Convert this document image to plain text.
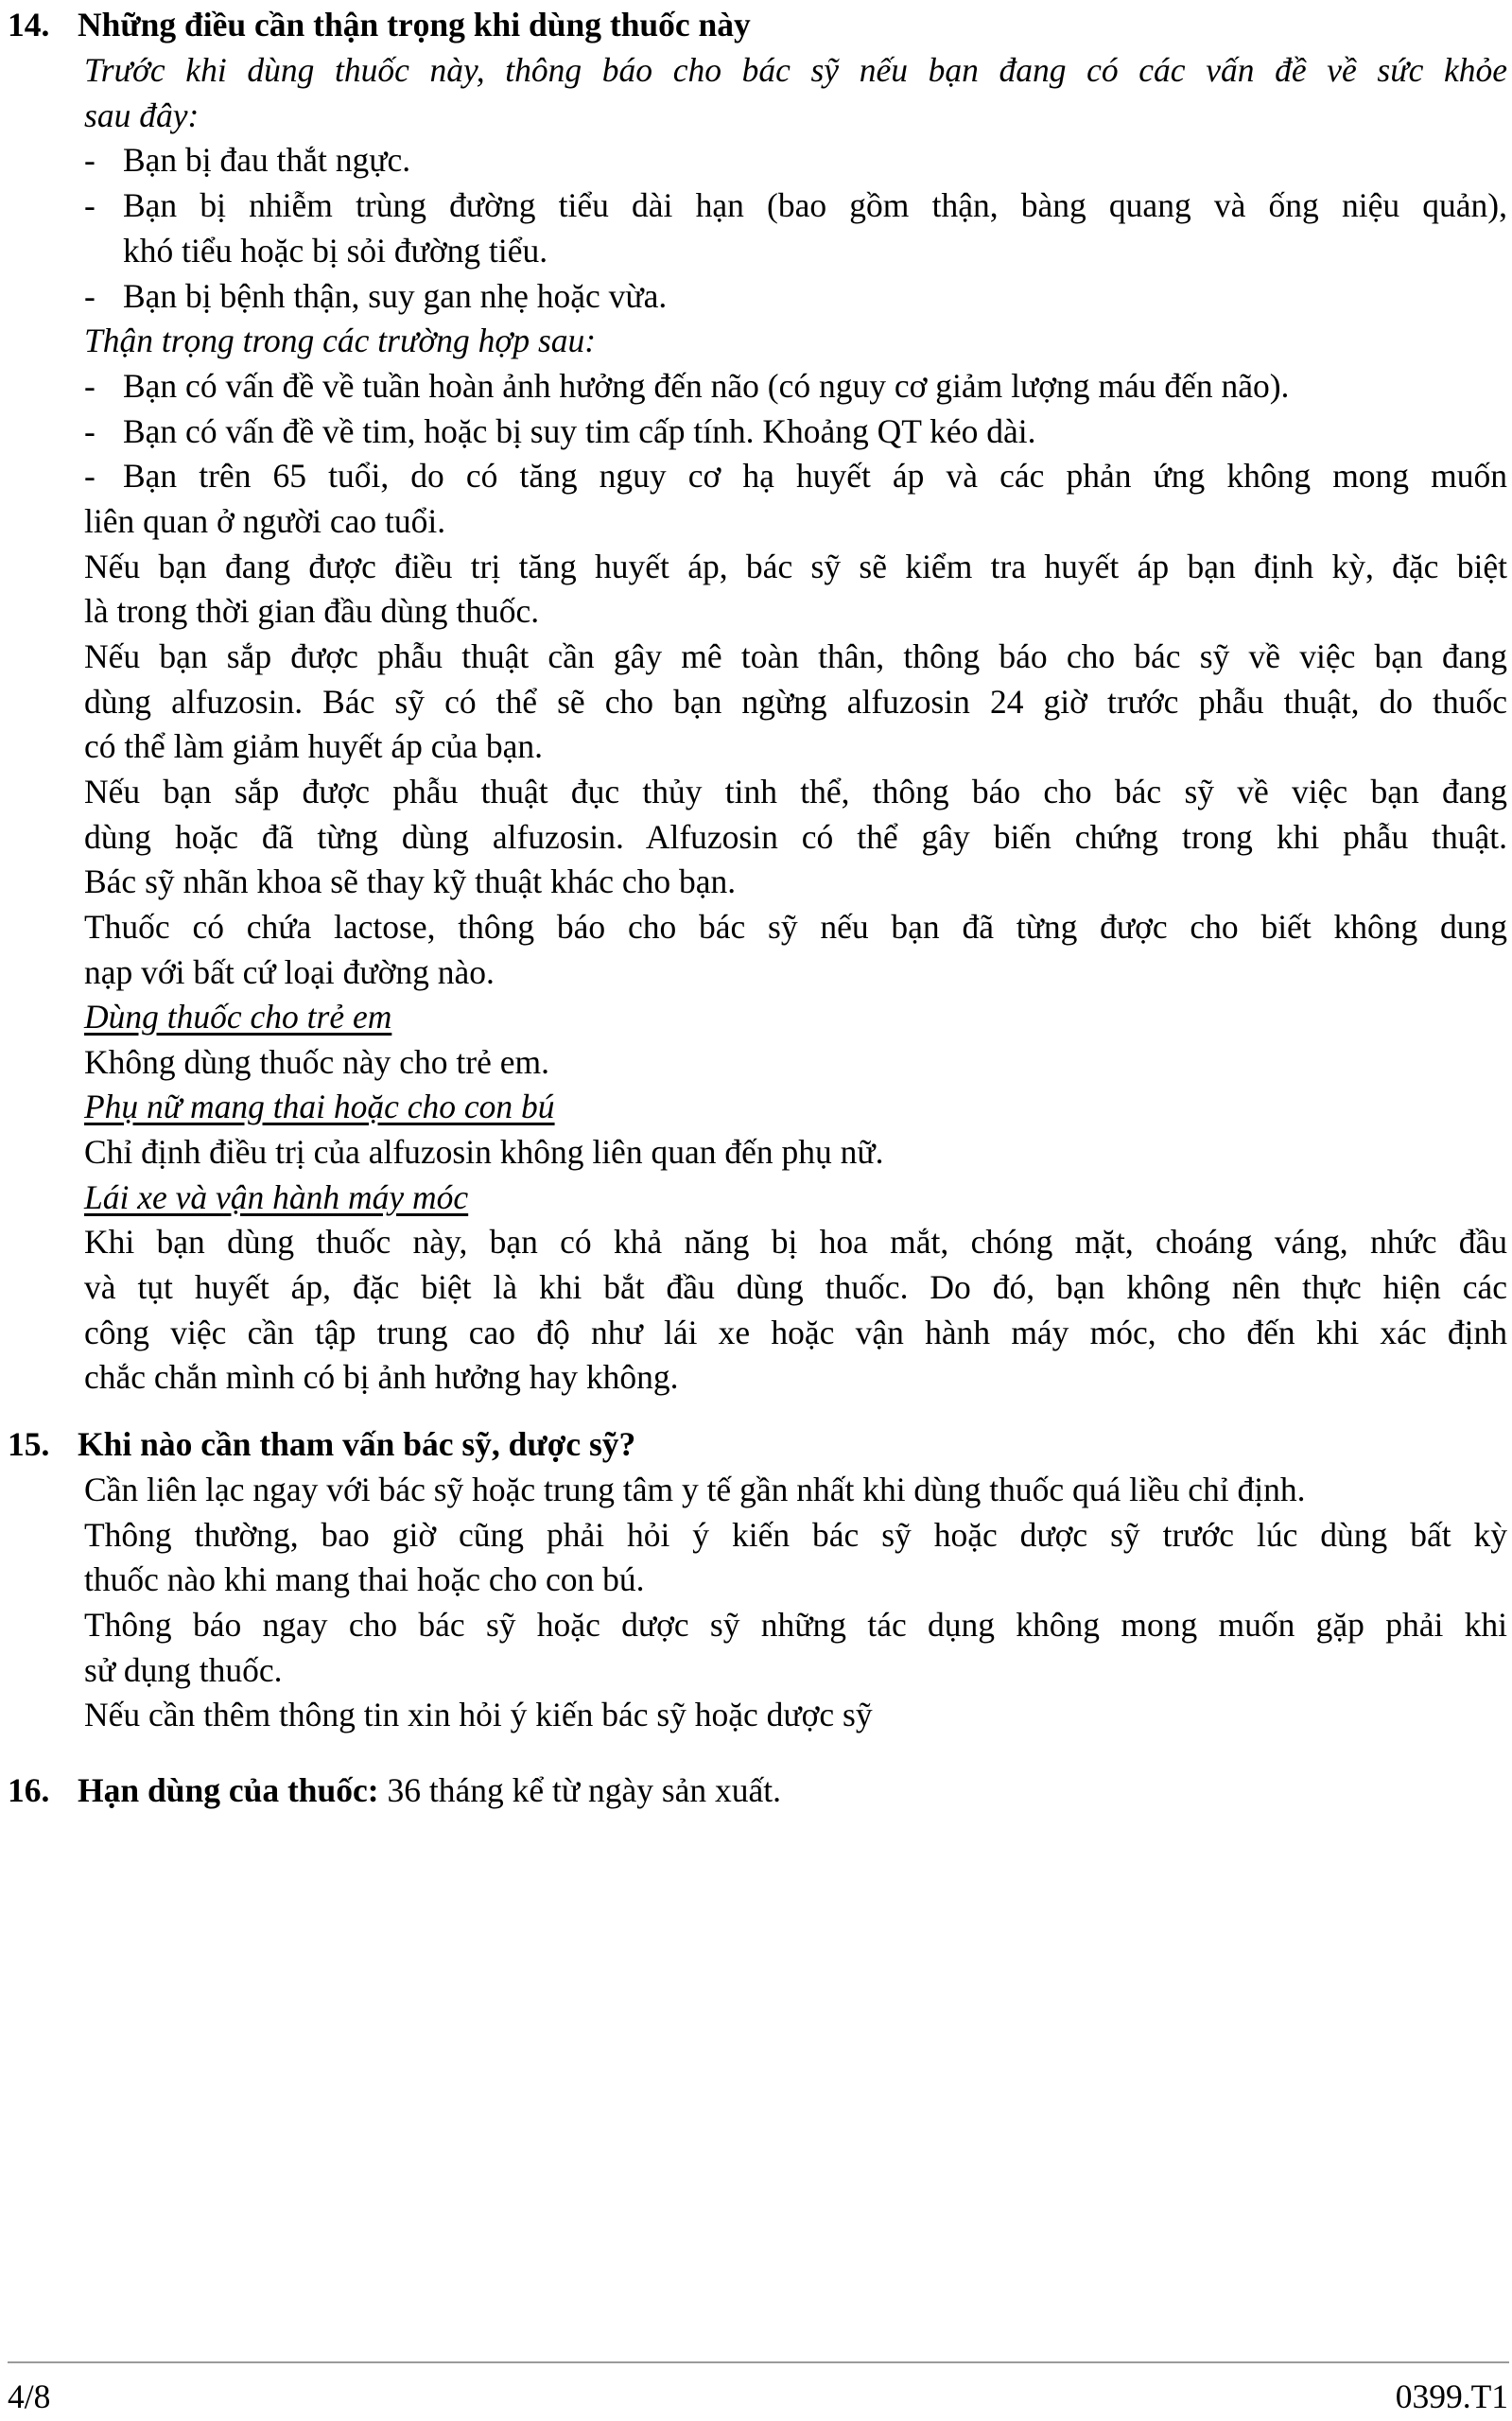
14. Những điều cần thận trọng khi dùng thuốc này
Trước khi dùng thuốc này, thông báo cho bác sỹ nếu bạn đang có các vấn đề về sức khỏe
sau đây:
- Bạn bị đau thắt ngực.
- Bạn bị nhiễm trùng đường tiểu dài hạn (bao gồm thận, bàng quang và ống niệu quản),
khó tiểu hoặc bị sỏi đường tiểu.
- Bạn bị bệnh thận, suy gan nhẹ hoặc vừa.
Thận trọng trong các trường hợp sau:
- Bạn có vấn đề về tuần hoàn ảnh hưởng đến não (có nguy cơ giảm lượng máu đến não).
- Bạn có vấn đề về tim, hoặc bị suy tim cấp tính. Khoảng QT kéo dài.
- Bạn trên 65 tuổi, do có tăng nguy cơ hạ huyết áp và các phản ứng không mong muốn
liên quan ở người cao tuổi.
Nếu bạn đang được điều trị tăng huyết áp, bác sỹ sẽ kiểm tra huyết áp bạn định kỳ, đặc biệt
là trong thời gian đầu dùng thuốc.
Nếu bạn sắp được phẫu thuật cần gây mê toàn thân, thông báo cho bác sỹ về việc bạn đang
dùng alfuzosin. Bác sỹ có thể sẽ cho bạn ngừng alfuzosin 24 giờ trước phẫu thuật, do thuốc
có thể làm giảm huyết áp của bạn.
Nếu bạn sắp được phẫu thuật đục thủy tinh thể, thông báo cho bác sỹ về việc bạn đang
dùng hoặc đã từng dùng alfuzosin. Alfuzosin có thể gây biến chứng trong khi phẫu thuật.
Bác sỹ nhãn khoa sẽ thay kỹ thuật khác cho bạn.
Thuốc có chứa lactose, thông báo cho bác sỹ nếu bạn đã từng được cho biết không dung
nạp với bất cứ loại đường nào.
Dùng thuốc cho trẻ em
Không dùng thuốc này cho trẻ em.
Phụ nữ mang thai hoặc cho con bú
Chỉ định điều trị của alfuzosin không liên quan đến phụ nữ.
Lái xe và vận hành máy móc
Khi bạn dùng thuốc này, bạn có khả năng bị hoa mắt, chóng mặt, choáng váng, nhức đầu
và tụt huyết áp, đặc biệt là khi bắt đầu dùng thuốc. Do đó, bạn không nên thực hiện các
công việc cần tập trung cao độ như lái xe hoặc vận hành máy móc, cho đến khi xác định
chắc chắn mình có bị ảnh hưởng hay không.
15. Khi nào cần tham vấn bác sỹ, dược sỹ?
Cần liên lạc ngay với bác sỹ hoặc trung tâm y tế gần nhất khi dùng thuốc quá liều chỉ định.
Thông thường, bao giờ cũng phải hỏi ý kiến bác sỹ hoặc dược sỹ trước lúc dùng bất kỳ
thuốc nào khi mang thai hoặc cho con bú.
Thông báo ngay cho bác sỹ hoặc dược sỹ những tác dụng không mong muốn gặp phải khi
sử dụng thuốc.
Nếu cần thêm thông tin xin hỏi ý kiến bác sỹ hoặc dược sỹ
16. Hạn dùng của thuốc: 36 tháng kể từ ngày sản xuất.
4/8	0399.T1
